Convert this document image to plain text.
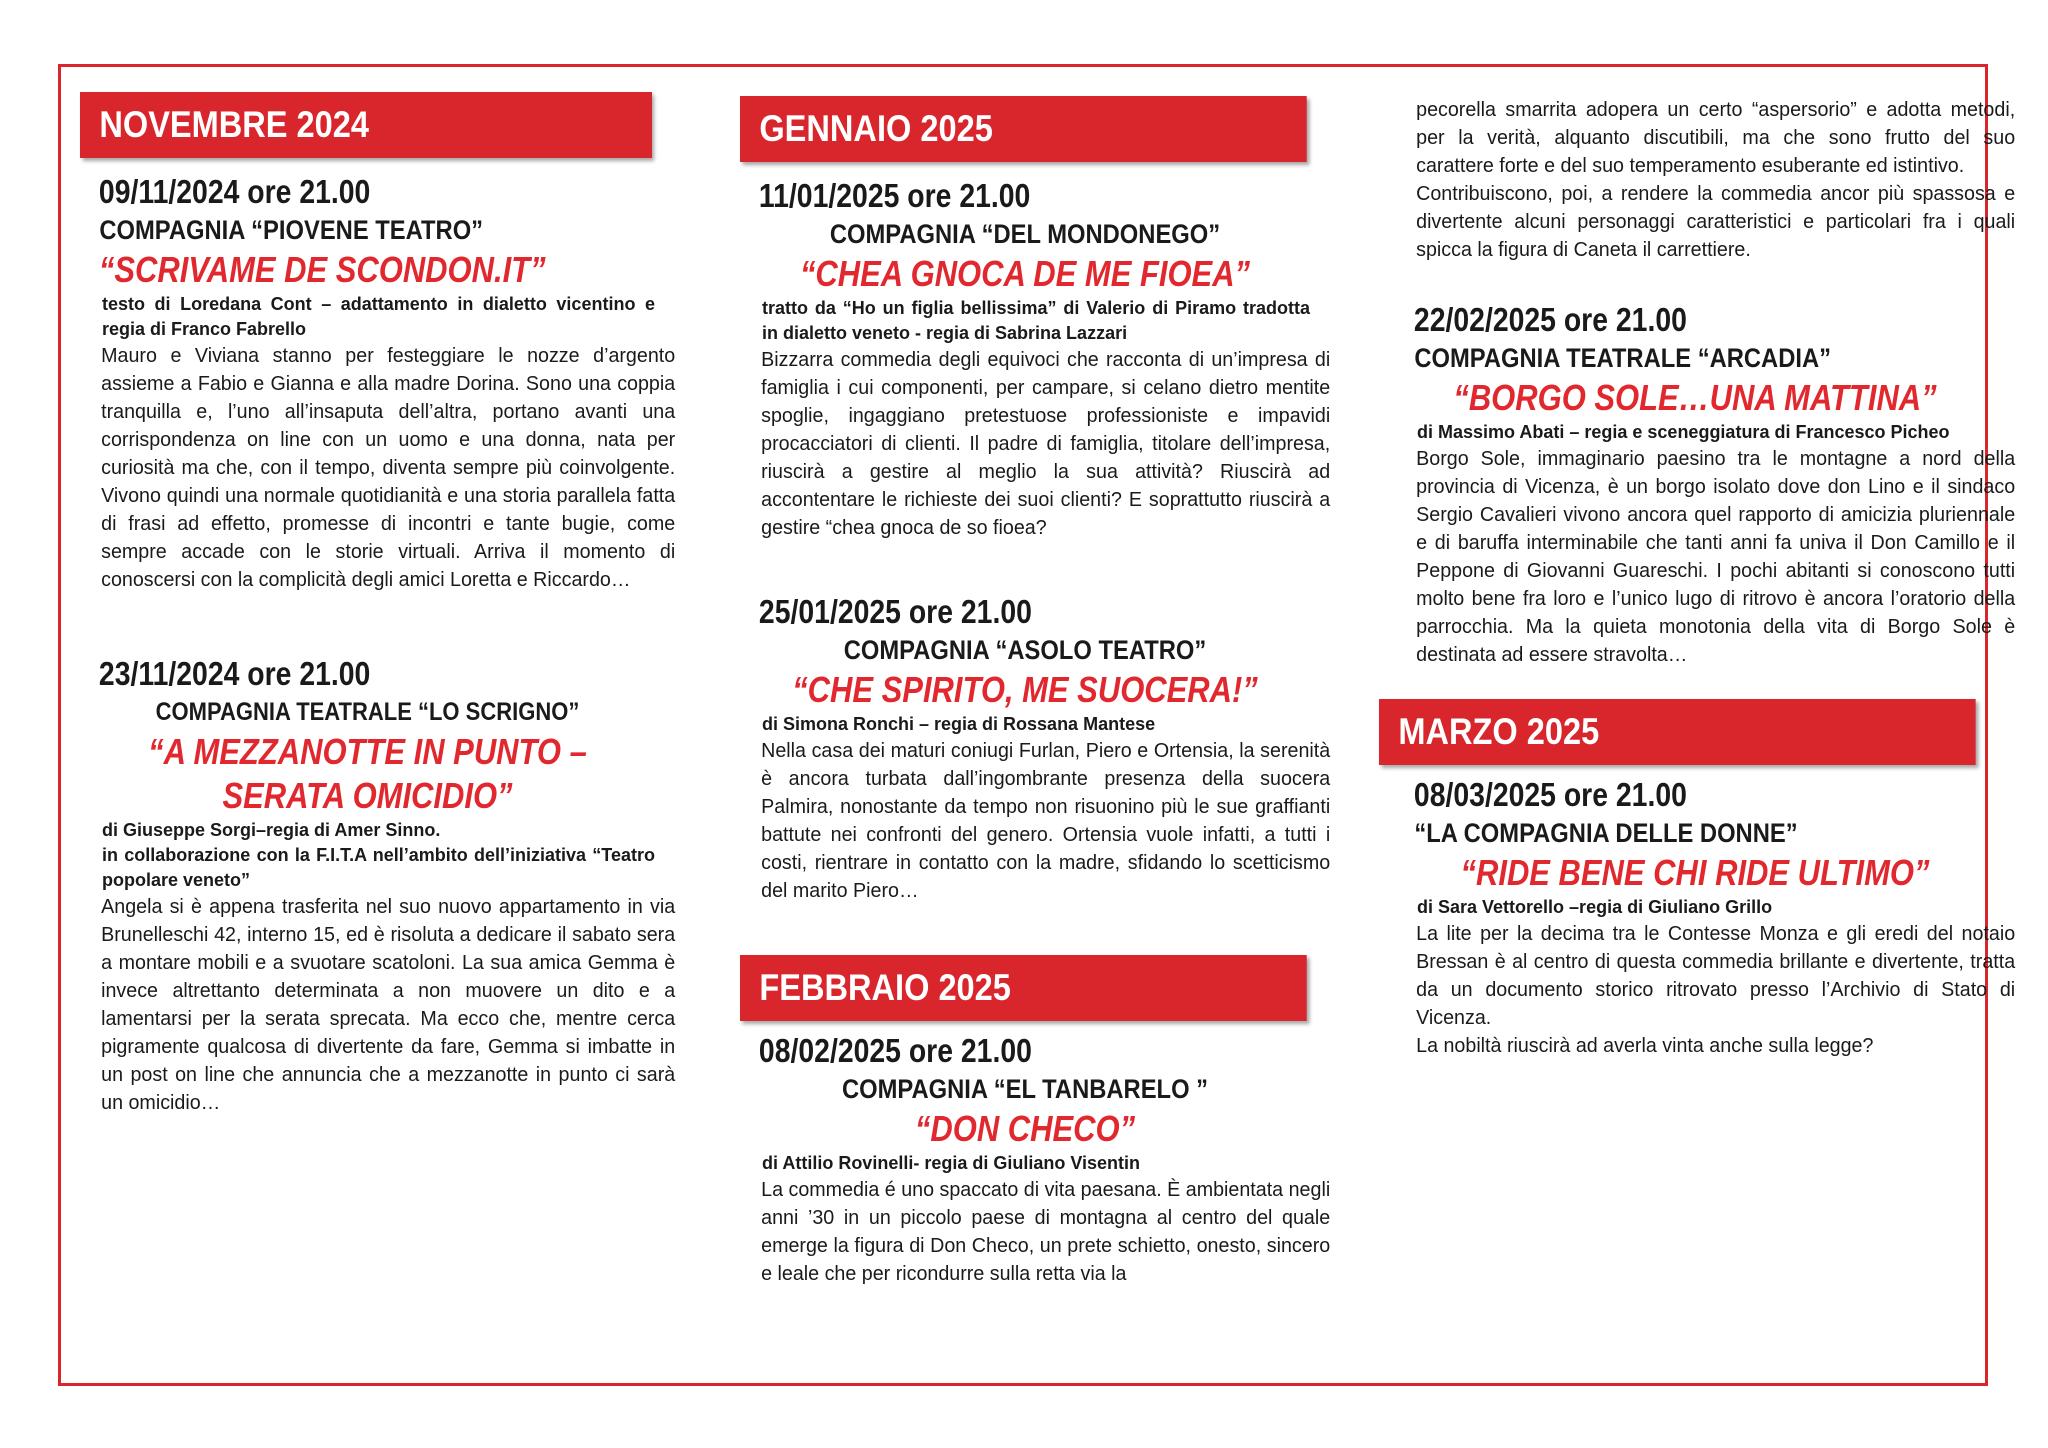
NOVEMBRE 2024
09/11/2024 ore 21.00
COMPAGNIA “PIOVENE TEATRO”
“SCRIVAME DE SCONDON.IT”
testo di Loredana Cont – adattamento in dialetto vicentino e regia di Franco Fabrello

Mauro e Viviana stanno per festeggiare le nozze d’argento assieme a Fabio e Gianna e alla madre Dorina. Sono una coppia tranquilla e, l’uno all’insaputa dell’altra, portano avanti una corrispondenza on line con un uomo e una donna, nata per curiosità ma che, con il tempo, diventa sempre più coinvolgente. Vivono quindi una normale quotidianità e una storia parallela fatta di frasi ad effetto, promesse di incontri e tante bugie, come sempre accade con le storie virtuali. Arriva il momento di conoscersi con la complicità degli amici Loretta e Riccardo…

23/11/2024 ore 21.00
COMPAGNIA TEATRALE “LO SCRIGNO”
“A MEZZANOTTE IN PUNTO –
SERATA OMICIDIO”
di Giuseppe Sorgi–regia di Amer Sinno.
in collaborazione con la F.I.T.A nell’ambito dell’iniziativa “Teatro popolare veneto”

Angela si è appena trasferita nel suo nuovo appartamento in via Brunelleschi 42, interno 15, ed è risoluta a dedicare il sabato sera a montare mobili e a svuotare scatoloni. La sua amica Gemma è invece altrettanto determinata a non muovere un dito e a lamentarsi per la serata sprecata. Ma ecco che, mentre cerca pigramente qualcosa di divertente da fare, Gemma si imbatte in un post on line che annuncia che a mezzanotte in punto ci sarà un omicidio…

GENNAIO 2025
11/01/2025 ore 21.00
COMPAGNIA “DEL MONDONEGO”
“CHEA GNOCA DE ME FIOEA”
tratto da “Ho un figlia bellissima” di Valerio di Piramo tradotta in dialetto veneto - regia di Sabrina Lazzari

Bizzarra commedia degli equivoci che racconta di un’impresa di famiglia i cui componenti, per campare, si celano dietro mentite spoglie, ingaggiano pretestuose professioniste e impavidi procacciatori di clienti. Il padre di famiglia, titolare dell’impresa, riuscirà a gestire al meglio la sua attività? Riuscirà ad accontentare le richieste dei suoi clienti? E soprattutto riuscirà a gestire “chea gnoca de so fioea?

25/01/2025 ore 21.00
COMPAGNIA “ASOLO TEATRO”
“CHE SPIRITO, ME SUOCERA!”
di Simona Ronchi – regia di Rossana Mantese

Nella casa dei maturi coniugi Furlan, Piero e Ortensia, la serenità è ancora turbata dall’ingombrante presenza della suocera Palmira, nonostante da tempo non risuonino più le sue graffianti battute nei confronti del genero. Ortensia vuole infatti, a tutti i costi, rientrare in contatto con la madre, sfidando lo scetticismo del marito Piero…

FEBBRAIO 2025
08/02/2025 ore 21.00
COMPAGNIA “EL TANBARELO ”
“DON CHECO”
di Attilio Rovinelli- regia di Giuliano Visentin

La commedia é uno spaccato di vita paesana. È ambientata negli anni ’30 in un piccolo paese di montagna al centro del quale emerge la figura di Don Checo, un prete schietto, onesto, sincero e leale che per ricondurre sulla retta via la

pecorella smarrita adopera un certo “aspersorio” e adotta metodi, per la verità, alquanto discutibili, ma che sono frutto del suo carattere forte e del suo temperamento esuberante ed istintivo.

Contribuiscono, poi, a rendere la commedia ancor più spassosa e divertente alcuni personaggi caratteristici e particolari fra i quali spicca la figura di Caneta il carrettiere.

22/02/2025 ore 21.00
COMPAGNIA TEATRALE “ARCADIA”
“BORGO SOLE…UNA MATTINA”
di Massimo Abati – regia e sceneggiatura di Francesco Picheo

Borgo Sole, immaginario paesino tra le montagne a nord della provincia di Vicenza, è un borgo isolato dove don Lino e il sindaco Sergio Cavalieri vivono ancora quel rapporto di amicizia pluriennale e di baruffa interminabile che tanti anni fa univa il Don Camillo e il Peppone di Giovanni Guareschi. I pochi abitanti si conoscono tutti molto bene fra loro e l’unico lugo di ritrovo è ancora l’oratorio della parrocchia. Ma la quieta monotonia della vita di Borgo Sole è destinata ad essere stravolta…

MARZO 2025
08/03/2025 ore 21.00
“LA COMPAGNIA DELLE DONNE”
“RIDE BENE CHI RIDE ULTIMO”
di Sara Vettorello –regia di Giuliano Grillo

La lite per la decima tra le Contesse Monza e gli eredi del notaio Bressan è al centro di questa commedia brillante e divertente, tratta da un documento storico ritrovato presso l’Archivio di Stato di Vicenza.

La nobiltà riuscirà ad averla vinta anche sulla legge?
